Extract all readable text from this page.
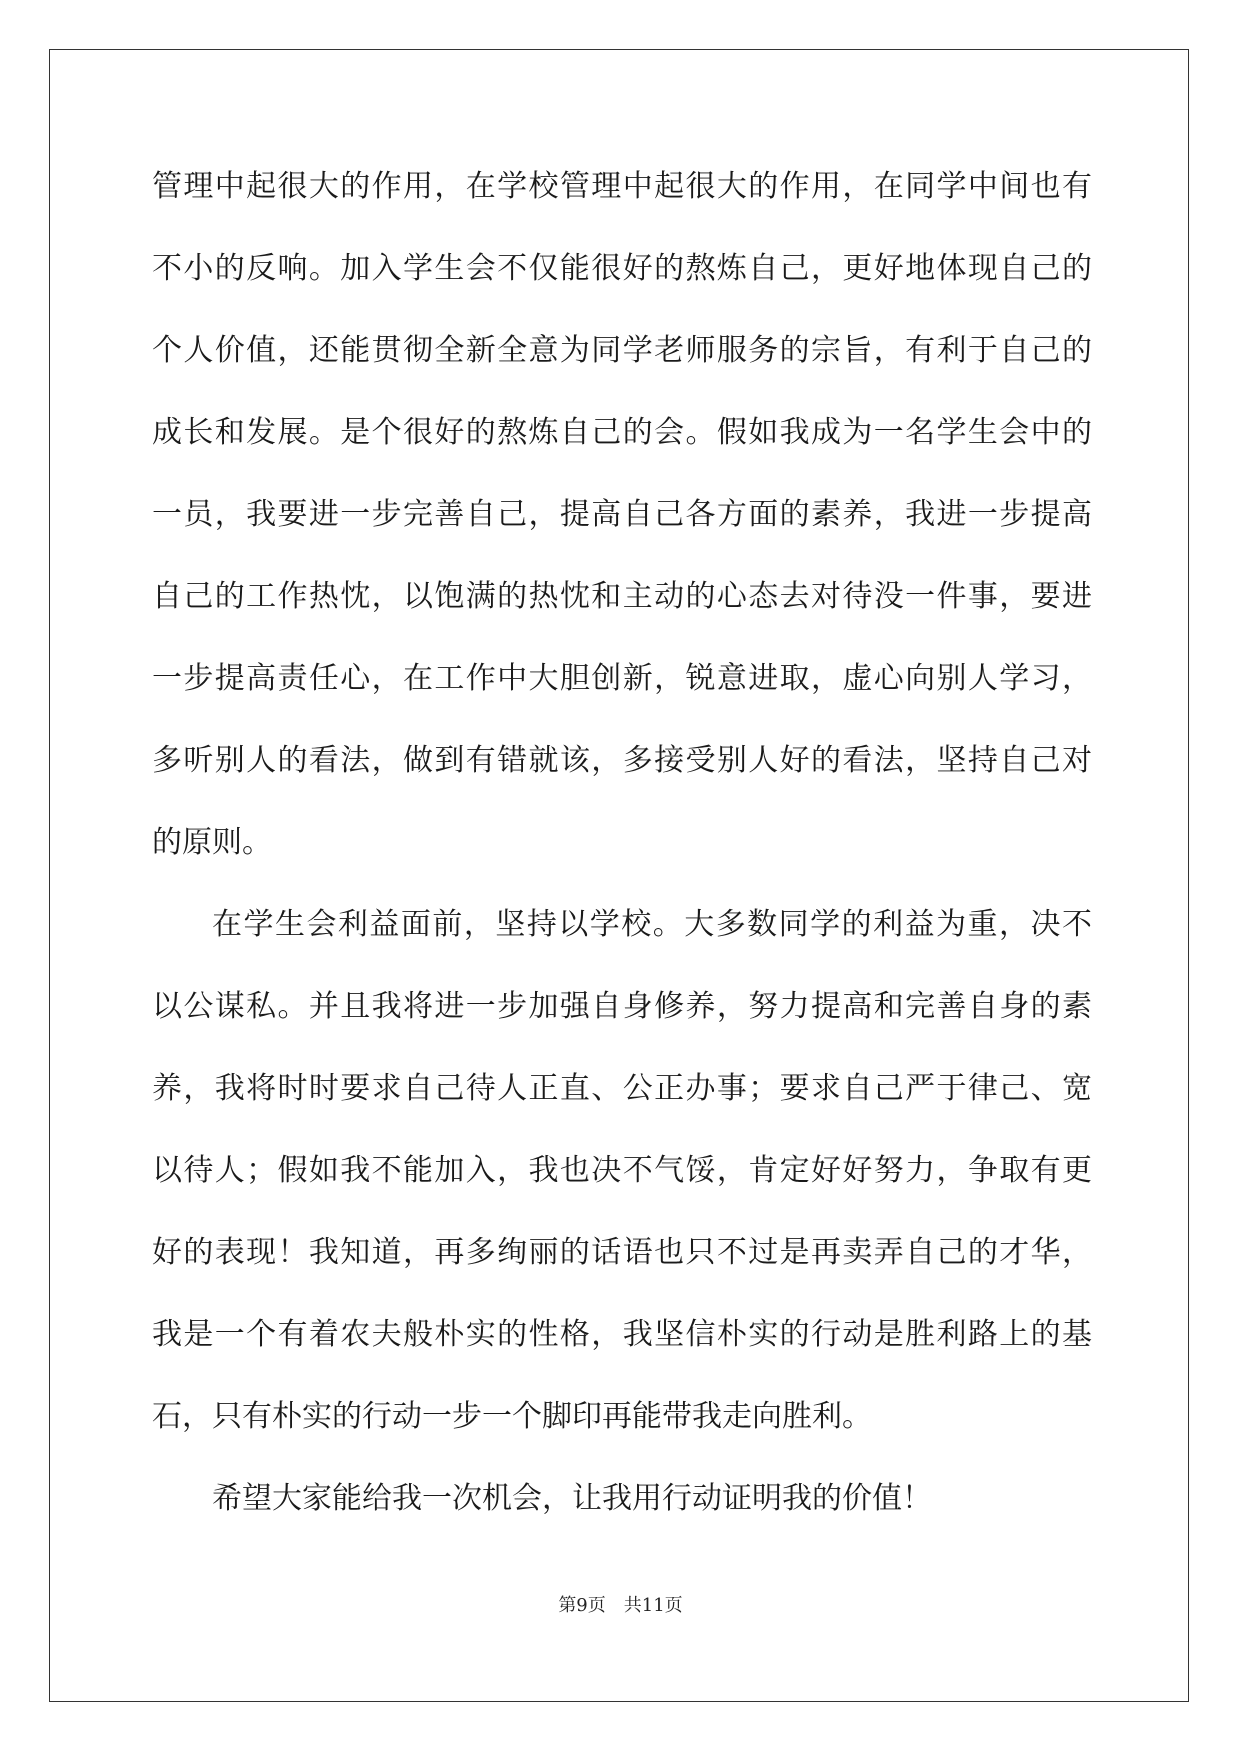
管理中起很大的作用，在学校管理中起很大的作用，在同学中间也有
不小的反响。加入学生会不仅能很好的熬炼自己，更好地体现自己的
个人价值，还能贯彻全新全意为同学老师服务的宗旨，有利于自己的
成长和发展。是个很好的熬炼自己的会。假如我成为一名学生会中的
一员，我要进一步完善自己，提高自己各方面的素养，我进一步提高
自己的工作热忱，以饱满的热忱和主动的心态去对待没一件事，要进
一步提高责任心，在工作中大胆创新，锐意进取，虚心向别人学习，
多听别人的看法，做到有错就该，多接受别人好的看法，坚持自己对
的原则。
在学生会利益面前，坚持以学校。大多数同学的利益为重，决不
以公谋私。并且我将进一步加强自身修养，努力提高和完善自身的素
养，我将时时要求自己待人正直、公正办事；要求自己严于律己、宽
以待人；假如我不能加入，我也决不气馁，肯定好好努力，争取有更
好的表现！我知道，再多绚丽的话语也只不过是再卖弄自己的才华，
我是一个有着农夫般朴实的性格，我坚信朴实的行动是胜利路上的基
石，只有朴实的行动一步一个脚印再能带我走向胜利。
希望大家能给我一次机会，让我用行动证明我的价值！
第9页　共11页
